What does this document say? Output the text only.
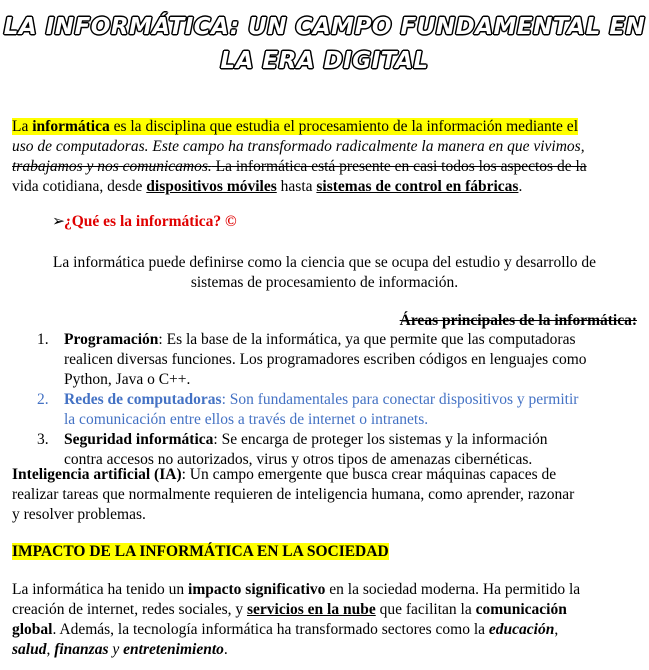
LA INFORMÁTICA: UN CAMPO FUNDAMENTAL EN
LA ERA DIGITAL
La informática es la disciplina que estudia el procesamiento de la información mediante el
uso de computadoras. Este campo ha transformado radicalmente la manera en que vivimos,
trabajamos y nos comunicamos. La informática está presente en casi todos los aspectos de la
vida cotidiana, desde dispositivos móviles hasta sistemas de control en fábricas.
➢ ¿Qué es la informática? ©
La informática puede definirse como la ciencia que se ocupa del estudio y desarrollo de
sistemas de procesamiento de información.
Áreas principales de la informática:
1. Programación: Es la base de la informática, ya que permite que las computadoras
realicen diversas funciones. Los programadores escriben códigos en lenguajes como
Python, Java o C++.
2. Redes de computadoras: Son fundamentales para conectar dispositivos y permitir
la comunicación entre ellos a través de internet o intranets.
3. Seguridad informática: Se encarga de proteger los sistemas y la información
contra accesos no autorizados, virus y otros tipos de amenazas cibernéticas.
Inteligencia artificial (IA): Un campo emergente que busca crear máquinas capaces de
realizar tareas que normalmente requieren de inteligencia humana, como aprender, razonar
y resolver problemas.
IMPACTO DE LA INFORMÁTICA EN LA SOCIEDAD
La informática ha tenido un impacto significativo en la sociedad moderna. Ha permitido la
creación de internet, redes sociales, y servicios en la nube que facilitan la comunicación
global. Además, la tecnología informática ha transformado sectores como la educación,
salud, finanzas y entretenimiento.
